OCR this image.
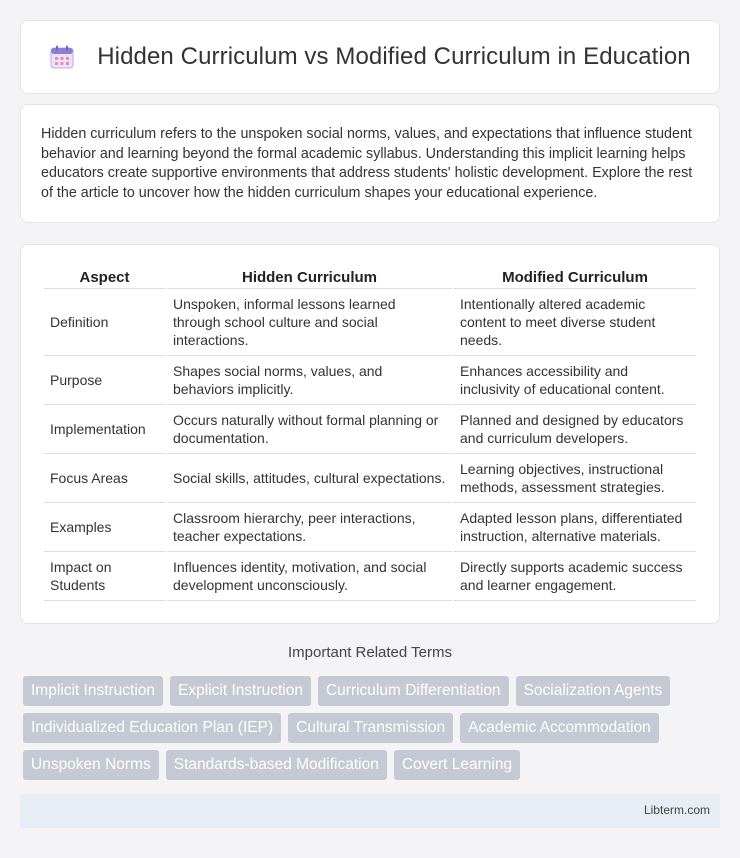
Hidden Curriculum vs Modified Curriculum in Education

Hidden curriculum refers to the unspoken social norms, values, and expectations that influence student behavior and learning beyond the formal academic syllabus. Understanding this implicit learning helps educators create supportive environments that address students' holistic development. Explore the rest of the article to uncover how the hidden curriculum shapes your educational experience.

Aspect	Hidden Curriculum	Modified Curriculum
Definition	Unspoken, informal lessons learned through school culture and social interactions.	Intentionally altered academic content to meet diverse student needs.
Purpose	Shapes social norms, values, and behaviors implicitly.	Enhances accessibility and inclusivity of educational content.
Implementation	Occurs naturally without formal planning or documentation.	Planned and designed by educators and curriculum developers.
Focus Areas	Social skills, attitudes, cultural expectations.	Learning objectives, instructional methods, assessment strategies.
Examples	Classroom hierarchy, peer interactions, teacher expectations.	Adapted lesson plans, differentiated instruction, alternative materials.
Impact on Students	Influences identity, motivation, and social development unconsciously.	Directly supports academic success and learner engagement.
Important Related Terms
Implicit Instruction	Explicit Instruction	Curriculum Differentiation	Socialization Agents
Individualized Education Plan (IEP)	Cultural Transmission	Academic Accommodation
Unspoken Norms	Standards-based Modification	Covert Learning
Libterm.com
